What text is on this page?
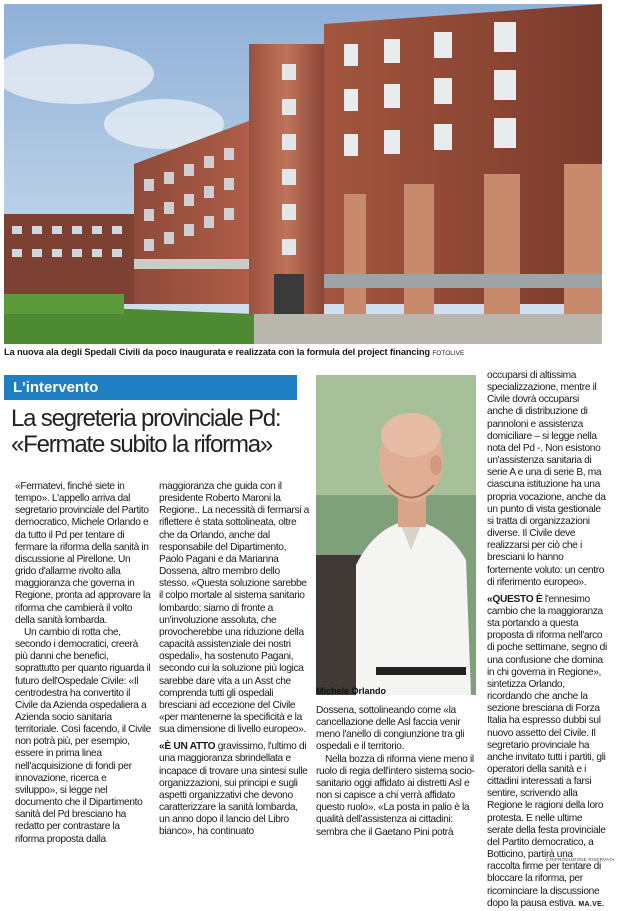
La nuova ala degli Spedali Civili da poco inaugurata e realizzata con la formula del project financing FOTOLIVE
L'intervento
La segreteria provinciale Pd: «Fermate subito la riforma»

«Fermatevi, finché siete in tempo». L'appello arriva dal segretario provinciale del Partito democratico, Michele Orlando e da tutto il Pd per tentare di fermare la riforma della sanità in discussione al Pirellone. Un grido d'allarme rivolto alla maggioranza che governa in Regione, pronta ad approvare la riforma che cambierà il volto della sanità lombarda.

Un cambio di rotta che, secondo i democratici, creerà più danni che benefici, soprattutto per quanto riguarda il futuro dell'Ospedale Civile: «Il centrodestra ha convertito il Civile da Azienda ospedaliera a Azienda socio sanitaria territoriale. Così facendo, il Civile non potrà più, per esempio, essere in prima linea nell'acquisizione di fondi per innovazione, ricerca e sviluppo», si legge nel documento che il Dipartimento sanità del Pd bresciano ha redatto per contrastare la riforma proposta dalla

maggioranza che guida con il presidente Roberto Maroni la Regione.. La necessità di fermarsi a riflettere è stata sottolineata, oltre che da Orlando, anche dal responsabile del Dipartimento, Paolo Pagani e da Marianna Dossena, altro membro dello stesso. «Questa soluzione sarebbe il colpo mortale al sistema sanitario lombardo: siamo di fronte a un'involuzione assoluta, che provocherebbe una riduzione della capacità assistenziale dei nostri ospedali», ha sostenuto Pagani, secondo cui la soluzione più logica sarebbe dare vita a un Asst che comprenda tutti gli ospedali bresciani ad eccezione del Civile «per mantenerne la specificità e la sua dimensione di livello europeo».

«È UN ATTO gravissimo, l'ultimo di una maggioranza sbrindellata e incapace di trovare una sintesi sulle organizzazioni, sui principi e sugli aspetti organizzativi che devono caratterizzare la sanità lombarda, un anno dopo il lancio del Libro bianco», ha continuato

Michele Orlando

Dossena, sottolineando come «la cancellazione delle Asl faccia venir meno l'anello di congiunzione tra gli ospedali e il territorio.

Nella bozza di riforma viene meno il ruolo di regia dell'intero sistema socio-sanitario oggi affidato ai distretti Asl e non si capisce a chi verrà affidato questo ruolo». «La posta in palio è la qualità dell'assistenza ai cittadini: sembra che il Gaetano Pini potrà

occuparsi di altissima specializzazione, mentre il Civile dovrà occuparsi anche di distribuzione di pannoloni e assistenza domiciliare – si legge nella nota del Pd -. Non esistono un'assistenza sanitaria di serie A e una di serie B, ma ciascuna istituzione ha una propria vocazione, anche da un punto di vista gestionale si tratta di organizzazioni diverse. Il Civile deve realizzarsi per ciò che i bresciani lo hanno fortemente voluto: un centro di riferimento europeo».

«QUESTO È l'ennesimo cambio che la maggioranza sta portando a questa proposta di riforma nell'arco di poche settimane, segno di una confusione che domina in chi governa in Regione», sintetizza Orlando, ricordando che anche la sezione bresciana di Forza Italia ha espresso dubbi sul nuovo assetto del Civile. Il segretario provinciale ha anche invitato tutti i partiti, gli operatori della sanità e i cittadini interessati a farsi sentire, scrivendo alla Regione le ragioni della loro protesta. E nelle ultime serate della festa provinciale del Partito democratico, a Botticino, partirà una raccolta firme per tentare di bloccare la riforma, per ricominciare la discussione dopo la pausa estiva. MA.VE.

© RIPRODUZIONE RISERVATA
